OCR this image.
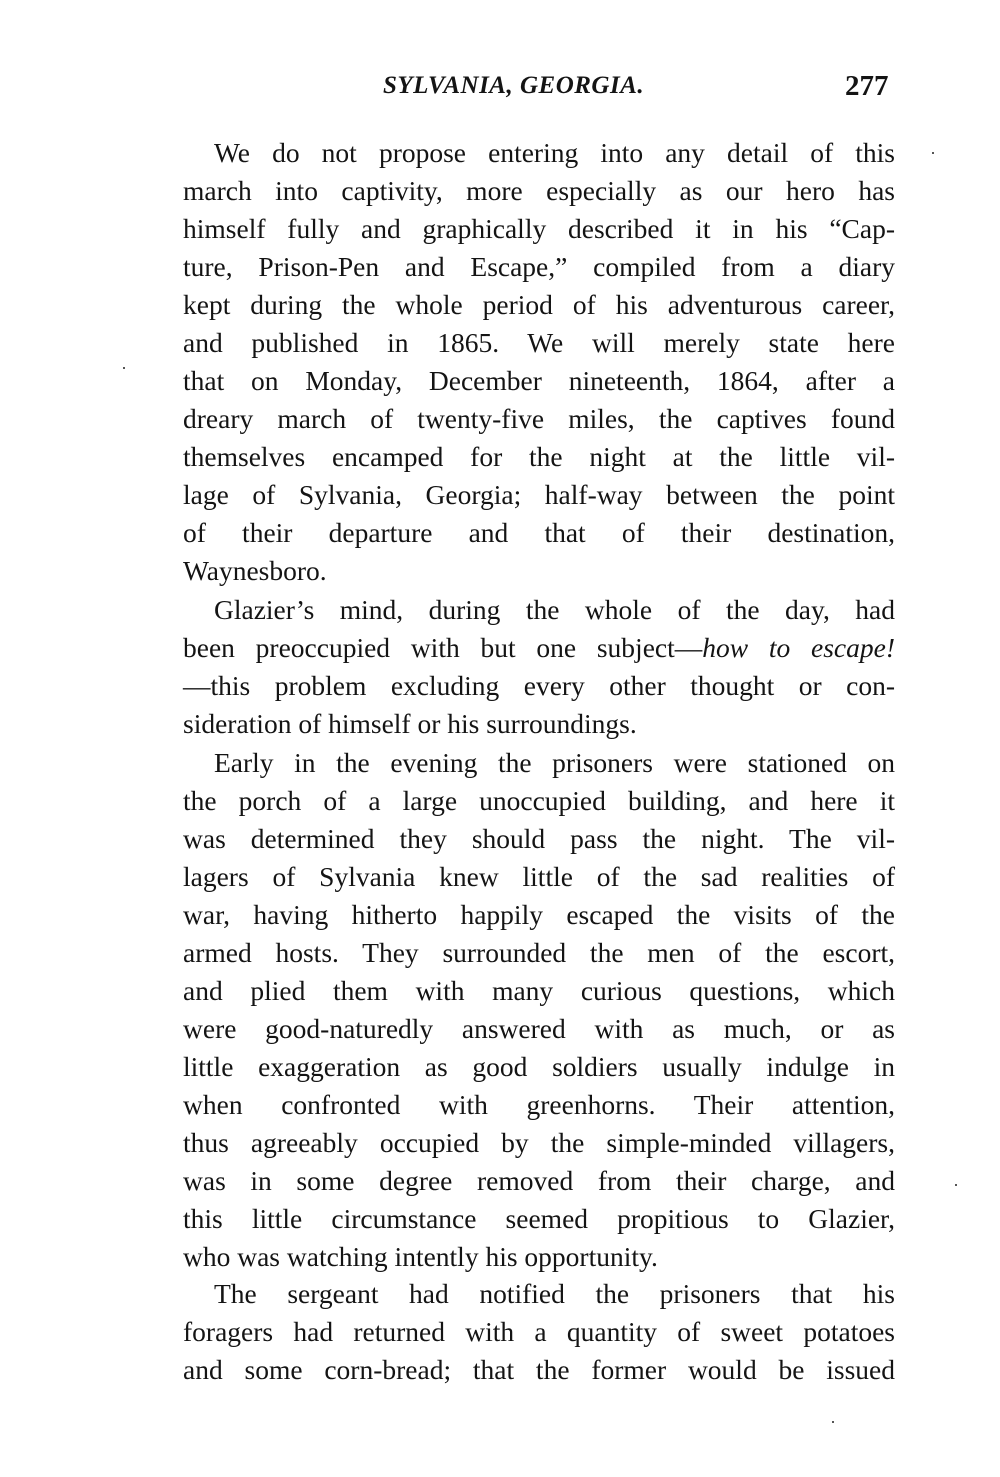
SYLVANIA, GEORGIA.	277
We do not propose entering into any detail of this
march into captivity, more especially as our hero has
himself fully and graphically described it in his “Cap-
ture, Prison-Pen and Escape,” compiled from a diary
kept during the whole period of his adventurous career,
and published in 1865. We will merely state here
that on Monday, December nineteenth, 1864, after a
dreary march of twenty-five miles, the captives found
themselves encamped for the night at the little vil-
lage of Sylvania, Georgia; half-way between the point
of their departure and that of their destination,
Waynesboro.
Glazier’s mind, during the whole of the day, had
been preoccupied with but one subject—how to escape!
—this problem excluding every other thought or con-
sideration of himself or his surroundings.
Early in the evening the prisoners were stationed on
the porch of a large unoccupied building, and here it
was determined they should pass the night. The vil-
lagers of Sylvania knew little of the sad realities of
war, having hitherto happily escaped the visits of the
armed hosts. They surrounded the men of the escort,
and plied them with many curious questions, which
were good-naturedly answered with as much, or as
little exaggeration as good soldiers usually indulge in
when confronted with greenhorns. Their attention,
thus agreeably occupied by the simple-minded villagers,
was in some degree removed from their charge, and
this little circumstance seemed propitious to Glazier,
who was watching intently his opportunity.
The sergeant had notified the prisoners that his
foragers had returned with a quantity of sweet potatoes
and some corn-bread; that the former would be issued
